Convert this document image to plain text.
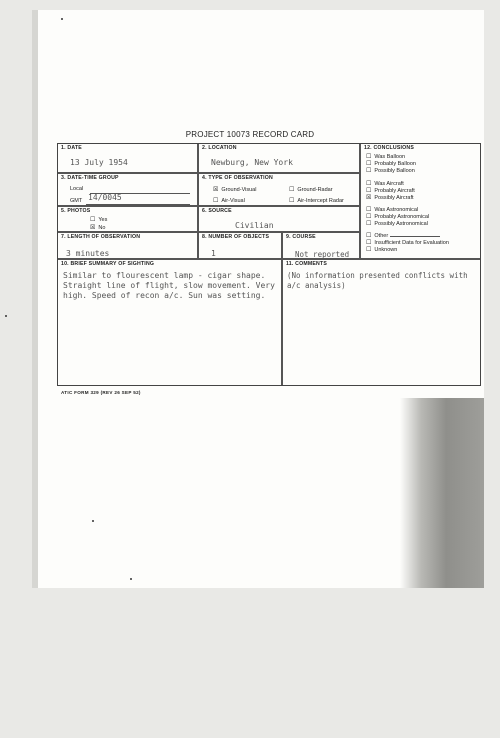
PROJECT 10073 RECORD CARD
1. DATE
13 July 1954
2. LOCATION
Newburg, New York
3. DATE-TIME GROUP
Local
GMT 14/0045
4. TYPE OF OBSERVATION
☒ Ground-Visual	☐ Ground-Radar
☐ Air-Visual	☐ Air-Intercept Radar
5. PHOTOS
☐ Yes
☒ No
6. SOURCE
Civilian
7. LENGTH OF OBSERVATION
3 minutes
8. NUMBER OF OBJECTS
1
9. COURSE
Not reported
12. CONCLUSIONS
☐ Was Balloon
☐ Probably Balloon
☐ Possibly Balloon
☐ Was Aircraft
☐ Probably Aircraft
☒ Possibly Aircraft
☐ Was Astronomical
☐ Probably Astronomical
☐ Possibly Astronomical
☐ Other
☐ Insufficient Data for Evaluation
☐ Unknown
10. BRIEF SUMMARY OF SIGHTING
Similar to flourescent lamp - cigar shape.
Straight line of flight, slow movement. Very
high. Speed of recon a/c. Sun was setting.
11. COMMENTS
(No information presented conflicts with
a/c analysis)
ATIC FORM 329 (REV 26 SEP 52)
